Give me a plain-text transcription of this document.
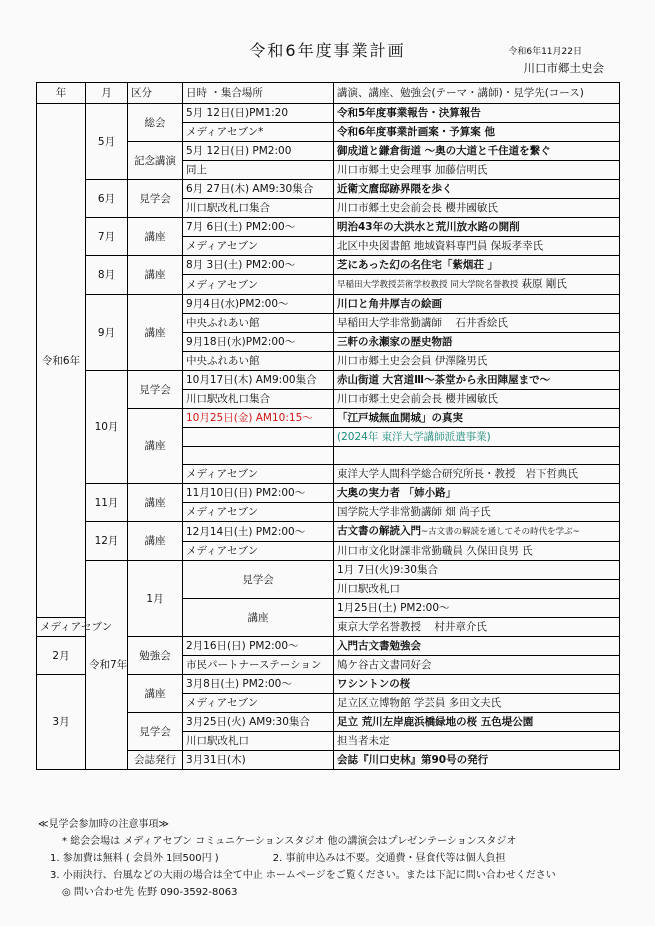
令和6年度事業計画	令和6年11月22日
川口市郷土史会
年	月	区分	日時 ・集合場所	講演、講座、勉強会(テーマ・講師)・見学先(コース)	
令和6年	5月	総会	5月 12日(日)PM1:20	令和5年度事業報告・決算報告	
			メディアセブン*	令和6年度事業計画案・予算案 他	
		記念講演	5月 12日(日) PM2:00	御成道と鎌倉街道 ～奥の大道と千住道を繋ぐ	
			同上	川口市郷土史会理事 加藤信明氏	
	6月	見学会	6月 27日(木) AM9:30集合	近衛文麿邸跡界隈を歩く	
			川口駅改札口集合	川口市郷土史会前会長 櫻井國敏氏	
	7月	講座	7月 6日(土) PM2:00～	明治43年の大洪水と荒川放水路の開削	
			メディアセブン	北区中央図書館 地域資料専門員 保坂孝幸氏	
	8月	講座	8月 3日(土) PM2:00～	芝にあった幻の名住宅「紫烟荘 」	
			メディアセブン	早稲田大学教授芸術学校教授 同大学院名誉教授 萩原 剛氏	
	9月	講座	9月4日(水)PM2:00～	川口と角井厚吉の絵画	
			中央ふれあい館	早稲田大学非常勤講師 石井香絵氏	
			9月18日(水)PM2:00～	三軒の永瀬家の歴史物語	
			中央ふれあい館	川口市郷土史会会員 伊澤隆男氏	
	10月	見学会	10月17日(木) AM9:00集合	赤山街道 大宮道Ⅲ～茶堂から永田陣屋まで～	
			川口駅改札口集合	川口市郷土史会前会長 櫻井國敏氏	
		講座	10月25日(金) AM10:15～	「江戸城無血開城」の真実	
				(2024年 東洋大学講師派遣事業)	

			メディアセブン	東洋大学人間科学総合研究所長・教授 岩下哲典氏	
	11月	講座	11月10日(日) PM2:00～	大奥の実力者 「姉小路」	
			メディアセブン	国学院大学非常勤講師 畑 尚子氏	
	12月	講座	12月14日(土) PM2:00～	古文書の解読入門~古文書の解読を通してその時代を学ぶ~	
			メディアセブン	川口市文化財課非常勤職員 久保田良男 氏	
	令和7年	1月	見学会	1月 7日(火)9:30集合	
				川口駅改札口	
			講座	1月25日(土) PM2:00～	
メディアセブン				東京大学名誉教授 村井章介氏	
2月		勉強会	2月16日(日) PM2:00～	入門古文書勉強会	
			市民パートナーステーション	鳩ケ谷古文書同好会	
3月		講座	3月8日(土) PM2:00～	ワシントンの桜	
			メディアセブン	足立区立博物館 学芸員 多田文夫氏	
		見学会	3月25日(火) AM9:30集合	足立 荒川左岸鹿浜橋緑地の桜 五色堤公園	
			川口駅改札口	担当者未定	
		会誌発行	3月31日(木)	会誌『川口史林』第90号の発行	
≪見学会参加時の注意事項≫
* 総会会場は メディアセブン コミュニケーションスタジオ 他の講演会はプレゼンテーションスタジオ
1. 参加費は無料 ( 会員外 1回500円 )	2. 事前申込みは不要。交通費・昼食代等は個人負担
3. 小雨決行、台風などの大雨の場合は全て中止 ホームページをご覧ください。または下記に問い合わせください
◎ 問い合わせ先 佐野 090-3592-8063
